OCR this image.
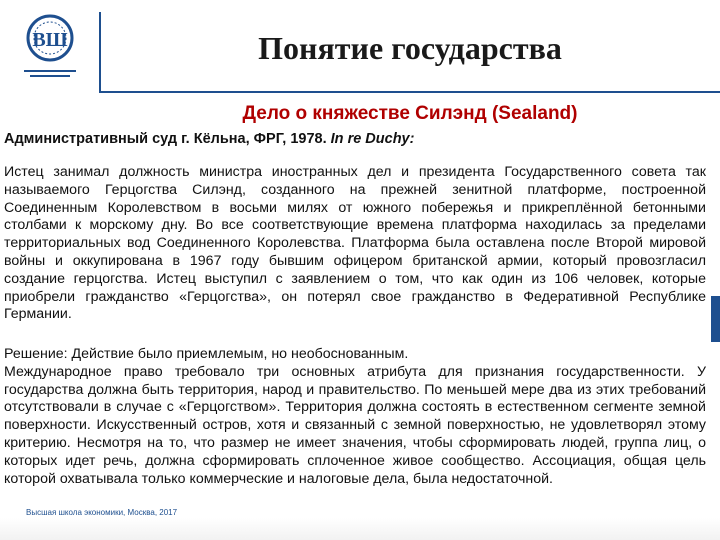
ВШ	Понятие государства
Дело о княжестве Силэнд (Sealand)
Административный суд г. Кёльна, ФРГ, 1978. In re Duchy:

Истец занимал должность министра иностранных дел и президента Государственного совета так называемого Герцогства Силэнд, созданного на прежней зенитной платформе, построенной Соединенным Королевством в восьми милях от южного побережья и прикреплённой бетонными столбами к морскому дну. Во все соответствующие времена платформа находилась за пределами территориальных вод Соединенного Королевства. Платформа была оставлена после Второй мировой войны и оккупирована в 1967 году бывшим офицером британской армии, который провозгласил создание герцогства. Истец выступил с заявлением о том, что как один из 106 человек, которые приобрели гражданство «Герцогства», он потерял свое гражданство в Федеративной Республике Германии.

Решение: Действие было приемлемым, но необоснованным.
Международное право требовало три основных атрибута для признания государственности. У государства должна быть территория, народ и правительство. По меньшей мере два из этих требований отсутствовали в случае с «Герцогством». Территория должна состоять в естественном сегменте земной поверхности. Искусственный остров, хотя и связанный с земной поверхностью, не удовлетворял этому критерию. Несмотря на то, что размер не имеет значения, чтобы сформировать людей, группа лиц, о которых идет речь, должна сформировать сплоченное живое сообщество. Ассоциация, общая цель которой охватывала только коммерческие и налоговые дела, была недостаточной.
Высшая школа экономики, Москва, 2017
